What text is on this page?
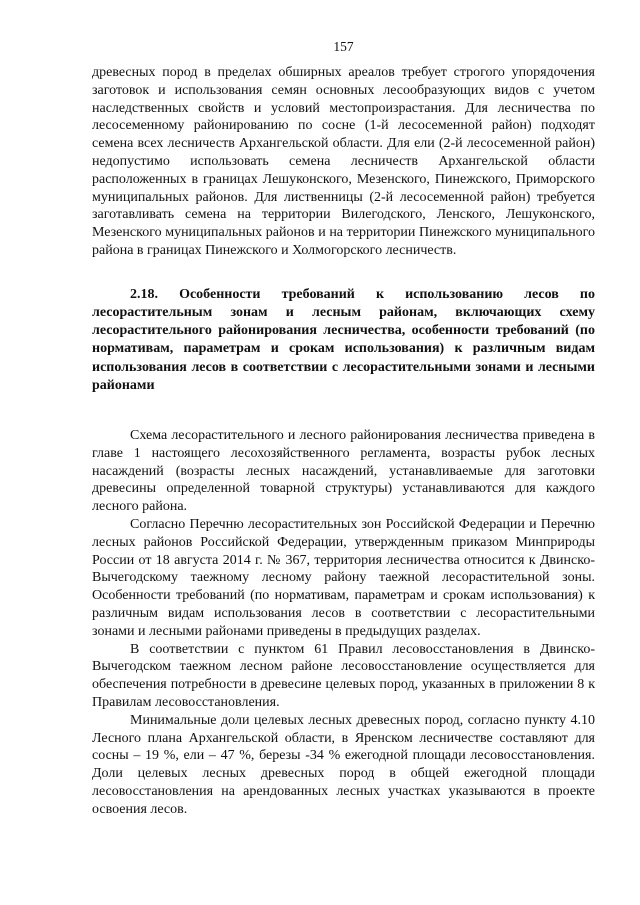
157

древесных пород в пределах обширных ареалов требует строгого упорядочения заготовок и использования семян основных лесообразующих видов с учетом наследственных свойств и условий местопроизрастания. Для лесничества по лесосеменному районированию по сосне (1-й лесосеменной район) подходят семена всех лесничеств Архангельской области. Для ели (2-й лесосеменной район) недопустимо использовать семена лесничеств Архангельской области расположенных в границах Лешуконского, Мезенского, Пинежского, Приморского муниципальных районов. Для лиственницы (2-й лесосеменной район) требуется заготавливать семена на территории Вилегодского, Ленского, Лешуконского, Мезенского муниципальных районов и на территории Пинежского муниципального района в границах Пинежского и Холмогорского лесничеств.

2.18. Особенности требований к использованию лесов по лесорастительным зонам и лесным районам, включающих схему лесорастительного районирования лесничества, особенности требований (по нормативам, параметрам и срокам использования) к различным видам использования лесов в соответствии с лесорастительными зонами и лесными районами

Схема лесорастительного и лесного районирования лесничества приведена в главе 1 настоящего лесохозяйственного регламента, возрасты рубок лесных насаждений (возрасты лесных насаждений, устанавливаемые для заготовки древесины определенной товарной структуры) устанавливаются для каждого лесного района.

Согласно Перечню лесорастительных зон Российской Федерации и Перечню лесных районов Российской Федерации, утвержденным приказом Минприроды России от 18 августа 2014 г. № 367, территория лесничества относится к Двинско-Вычегодскому таежному лесному району таежной лесорастительной зоны. Особенности требований (по нормативам, параметрам и срокам использования) к различным видам использования лесов в соответствии с лесорастительными зонами и лесными районами приведены в предыдущих разделах.

В соответствии с пунктом 61 Правил лесовосстановления в Двинско-Вычегодском таежном лесном районе лесовосстановление осуществляется для обеспечения потребности в древесине целевых пород, указанных в приложении 8 к Правилам лесовосстановления.

Минимальные доли целевых лесных древесных пород, согласно пункту 4.10 Лесного плана Архангельской области, в Яренском лесничестве составляют для сосны – 19 %, ели – 47 %, березы -34 % ежегодной площади лесовосстановления. Доли целевых лесных древесных пород в общей ежегодной площади лесовосстановления на арендованных лесных участках указываются в проекте освоения лесов.
